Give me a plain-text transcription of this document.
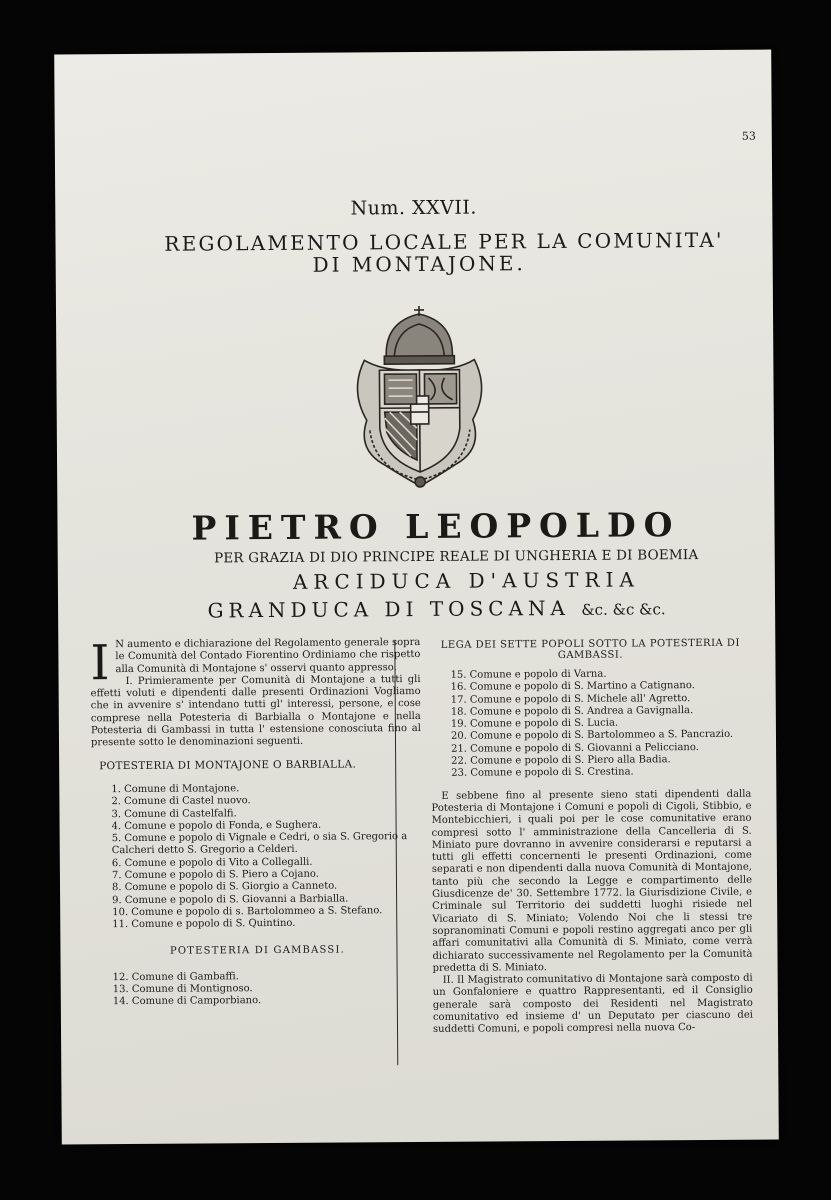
53
Num. XXVII.
REGOLAMENTO LOCALE PER LA COMUNITA'
DI MONTAJONE.
PIETRO LEOPOLDO
PER GRAZIA DI DIO PRINCIPE REALE DI UNGHERIA E DI BOEMIA
ARCIDUCA D'AUSTRIA
GRANDUCA DI TOSCANA &c. &c &c.
I N aumento e dichiarazione del Regolamento generale sopra le Comunità del Contado Fiorentino Ordiniamo che rispetto alla Comunità di Montajone s' osservi quanto appresso.

I. Primieramente per Comunità di Montajone a tutti gli effetti voluti e dipendenti dalle presenti Ordinazioni Vogliamo che in avvenire s' intendano tutti gl' interessi, persone, e cose comprese nella Potesteria di Barbialla o Montajone e nella Potesteria di Gambassi in tutta l' estensione conosciuta fino al presente sotto le denominazioni seguenti.

POTESTERIA DI MONTAJONE O BARBIALLA.
1. Comune di Montajone.
2. Comune di Castel nuovo.
3. Comune di Castelfalfi.
4. Comune e popolo di Fonda, e Sughera.
5. Comune e popolo di Vignale e Cedri, o sia S. Gregorio a Calcheri detto S. Gregorio a Celderi.
6. Comune e popolo di Vito a Collegalli.
7. Comune e popolo di S. Piero a Cojano.
8. Comune e popolo di S. Giorgio a Canneto.
9. Comune e popolo di S. Giovanni a Barbialla.
10. Comune e popolo di s. Bartolommeo a S. Stefano.
11. Comune e popolo di S. Quintino.
POTESTERIA DI GAMBASSI.
12. Comune di Gambaffi.
13. Comune di Montignoso.
14. Comune di Camporbiano.
LEGA DEI SETTE POPOLI SOTTO LA POTESTERIA DI GAMBASSI.
15. Comune e popolo di Varna.
16. Comune e popolo di S. Martino a Catignano.
17. Comune e popolo di S. Michele all' Agretto.
18. Comune e popolo di S. Andrea a Gavignalla.
19. Comune e popolo di S. Lucia.
20. Comune e popolo di S. Bartolommeo a S. Pancrazio.
21. Comune e popolo di S. Giovanni a Pelicciano.
22. Comune e popolo di S. Piero alla Badia.
23. Comune e popolo di S. Crestina.

E sebbene fino al presente sieno stati dipendenti dalla Potesteria di Montajone i Comuni e popoli di Cigoli, Stibbio, e Montebicchieri, i quali poi per le cose comunitative erano compresi sotto l' amministrazione della Cancelleria di S. Miniato pure dovranno in avvenire considerarsi e reputarsi a tutti gli effetti concernenti le presenti Ordinazioni, come separati e non dipendenti dalla nuova Comunità di Montajone, tanto più che secondo la Legge e compartimento delle Giusdicenze de' 30. Settembre 1772. la Giurisdizione Civile, e Criminale sul Territorio dei suddetti luoghi risiede nel Vicariato di S. Miniato; Volendo Noi che li stessi tre sopranominati Comuni e popoli restino aggregati anco per gli affari comunitativi alla Comunità di S. Miniato, come verrà dichiarato successivamente nel Regolamento per la Comunità predetta di S. Miniato.

II. Il Magistrato comunitativo di Montajone sarà composto di un Gonfaloniere e quattro Rappresentanti, ed il Consiglio generale sarà composto dei Residenti nel Magistrato comunitativo ed insieme d' un Deputato per ciascuno dei suddetti Comuni, e popoli compresi nella nuova Co-
